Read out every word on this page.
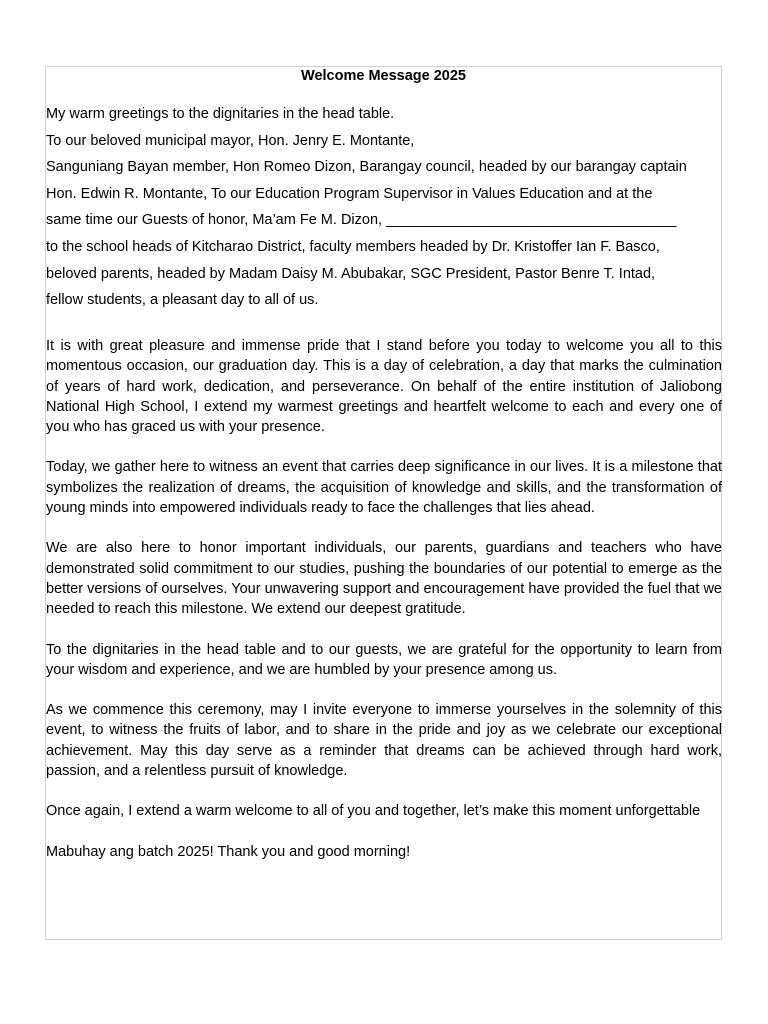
Welcome Message 2025
My warm greetings to the dignitaries in the head table.
To our beloved municipal mayor, Hon. Jenry E. Montante,
Sanguniang Bayan member, Hon Romeo Dizon, Barangay council, headed by our barangay captain
Hon. Edwin R. Montante, To our Education Program Supervisor in Values Education and at the
same time our Guests of honor, Ma’am Fe M. Dizon, ____________________________________
to the school heads of Kitcharao District, faculty members headed by Dr. Kristoffer Ian F. Basco,
beloved parents, headed by Madam Daisy M. Abubakar, SGC President, Pastor Benre T. Intad,
fellow students, a pleasant day to all of us.

It is with great pleasure and immense pride that I stand before you today to welcome you all to this momentous occasion, our graduation day. This is a day of celebration, a day that marks the culmination of years of hard work, dedication, and perseverance. On behalf of the entire institution of Jaliobong National High School, I extend my warmest greetings and heartfelt welcome to each and every one of you who has graced us with your presence.

Today, we gather here to witness an event that carries deep significance in our lives. It is a milestone that symbolizes the realization of dreams, the acquisition of knowledge and skills, and the transformation of young minds into empowered individuals ready to face the challenges that lies ahead.

We are also here to honor important individuals, our parents, guardians and teachers who have demonstrated solid commitment to our studies, pushing the boundaries of our potential to emerge as the better versions of ourselves. Your unwavering support and encouragement have provided the fuel that we needed to reach this milestone. We extend our deepest gratitude.

To the dignitaries in the head table and to our guests, we are grateful for the opportunity to learn from your wisdom and experience, and we are humbled by your presence among us.

As we commence this ceremony, may I invite everyone to immerse yourselves in the solemnity of this event, to witness the fruits of labor, and to share in the pride and joy as we celebrate our exceptional achievement. May this day serve as a reminder that dreams can be achieved through hard work, passion, and a relentless pursuit of knowledge.

Once again, I extend a warm welcome to all of you and together, let’s make this moment unforgettable

Mabuhay ang batch 2025! Thank you and good morning!
